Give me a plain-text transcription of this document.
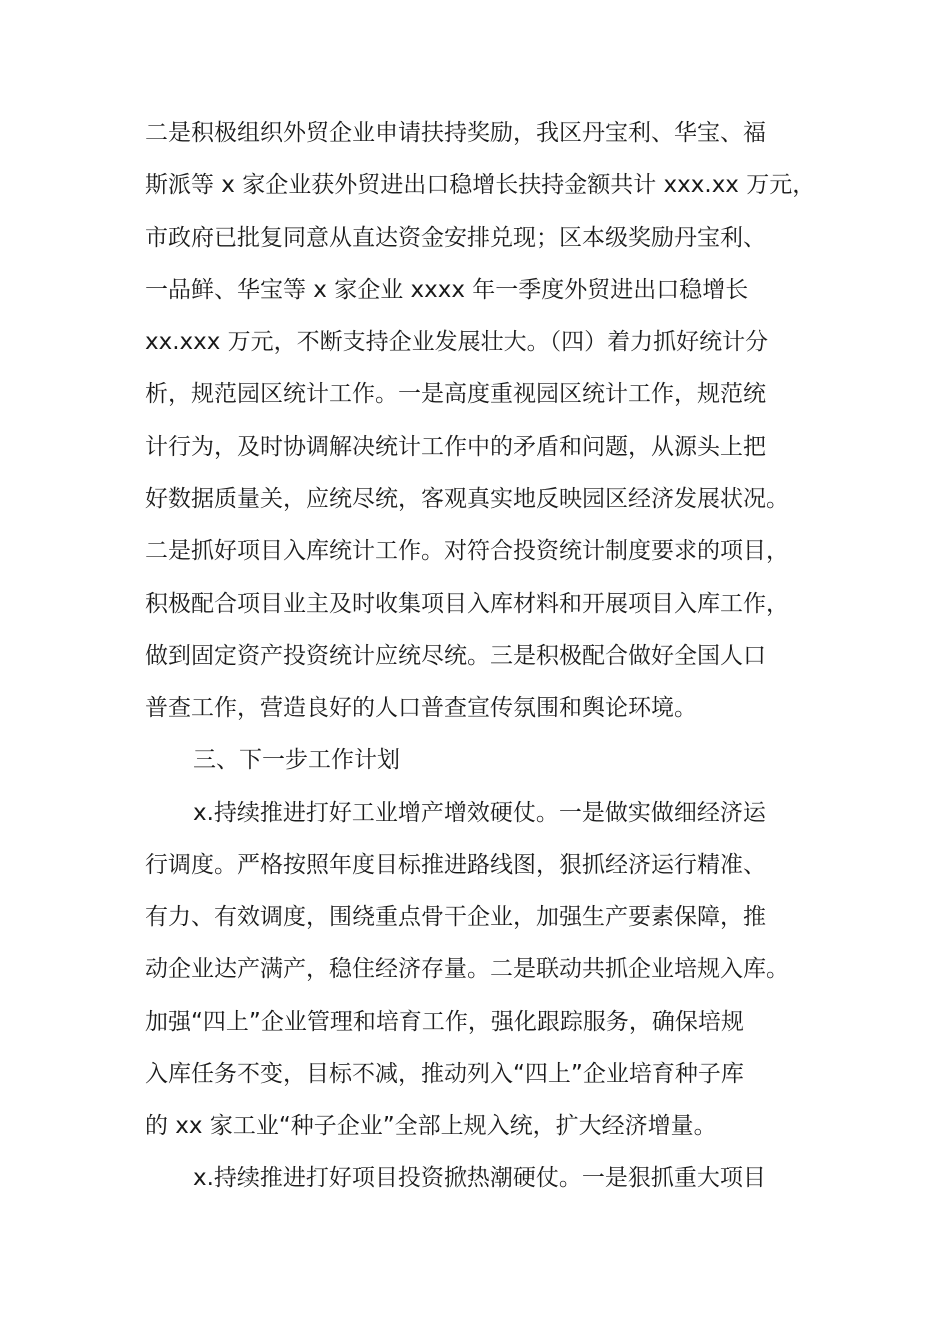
二是积极组织外贸企业申请扶持奖励，我区丹宝利、华宝、福
斯派等 x 家企业获外贸进出口稳增长扶持金额共计 xxx.xx 万元，
市政府已批复同意从直达资金安排兑现；区本级奖励丹宝利、
一品鲜、华宝等 x 家企业 xxxx 年一季度外贸进出口稳增长
xx.xxx 万元，不断支持企业发展壮大。（四）着力抓好统计分
析，规范园区统计工作。一是高度重视园区统计工作，规范统
计行为，及时协调解决统计工作中的矛盾和问题，从源头上把
好数据质量关，应统尽统，客观真实地反映园区经济发展状况。
二是抓好项目入库统计工作。对符合投资统计制度要求的项目，
积极配合项目业主及时收集项目入库材料和开展项目入库工作，
做到固定资产投资统计应统尽统。三是积极配合做好全国人口
普查工作，营造良好的人口普查宣传氛围和舆论环境。
三、下一步工作计划
x.持续推进打好工业增产增效硬仗。一是做实做细经济运
行调度。严格按照年度目标推进路线图，狠抓经济运行精准、
有力、有效调度，围绕重点骨干企业，加强生产要素保障，推
动企业达产满产，稳住经济存量。二是联动共抓企业培规入库。
加强“四上”企业管理和培育工作，强化跟踪服务，确保培规
入库任务不变，目标不减，推动列入“四上”企业培育种子库
的 xx 家工业“种子企业”全部上规入统，扩大经济增量。
x.持续推进打好项目投资掀热潮硬仗。一是狠抓重大项目
